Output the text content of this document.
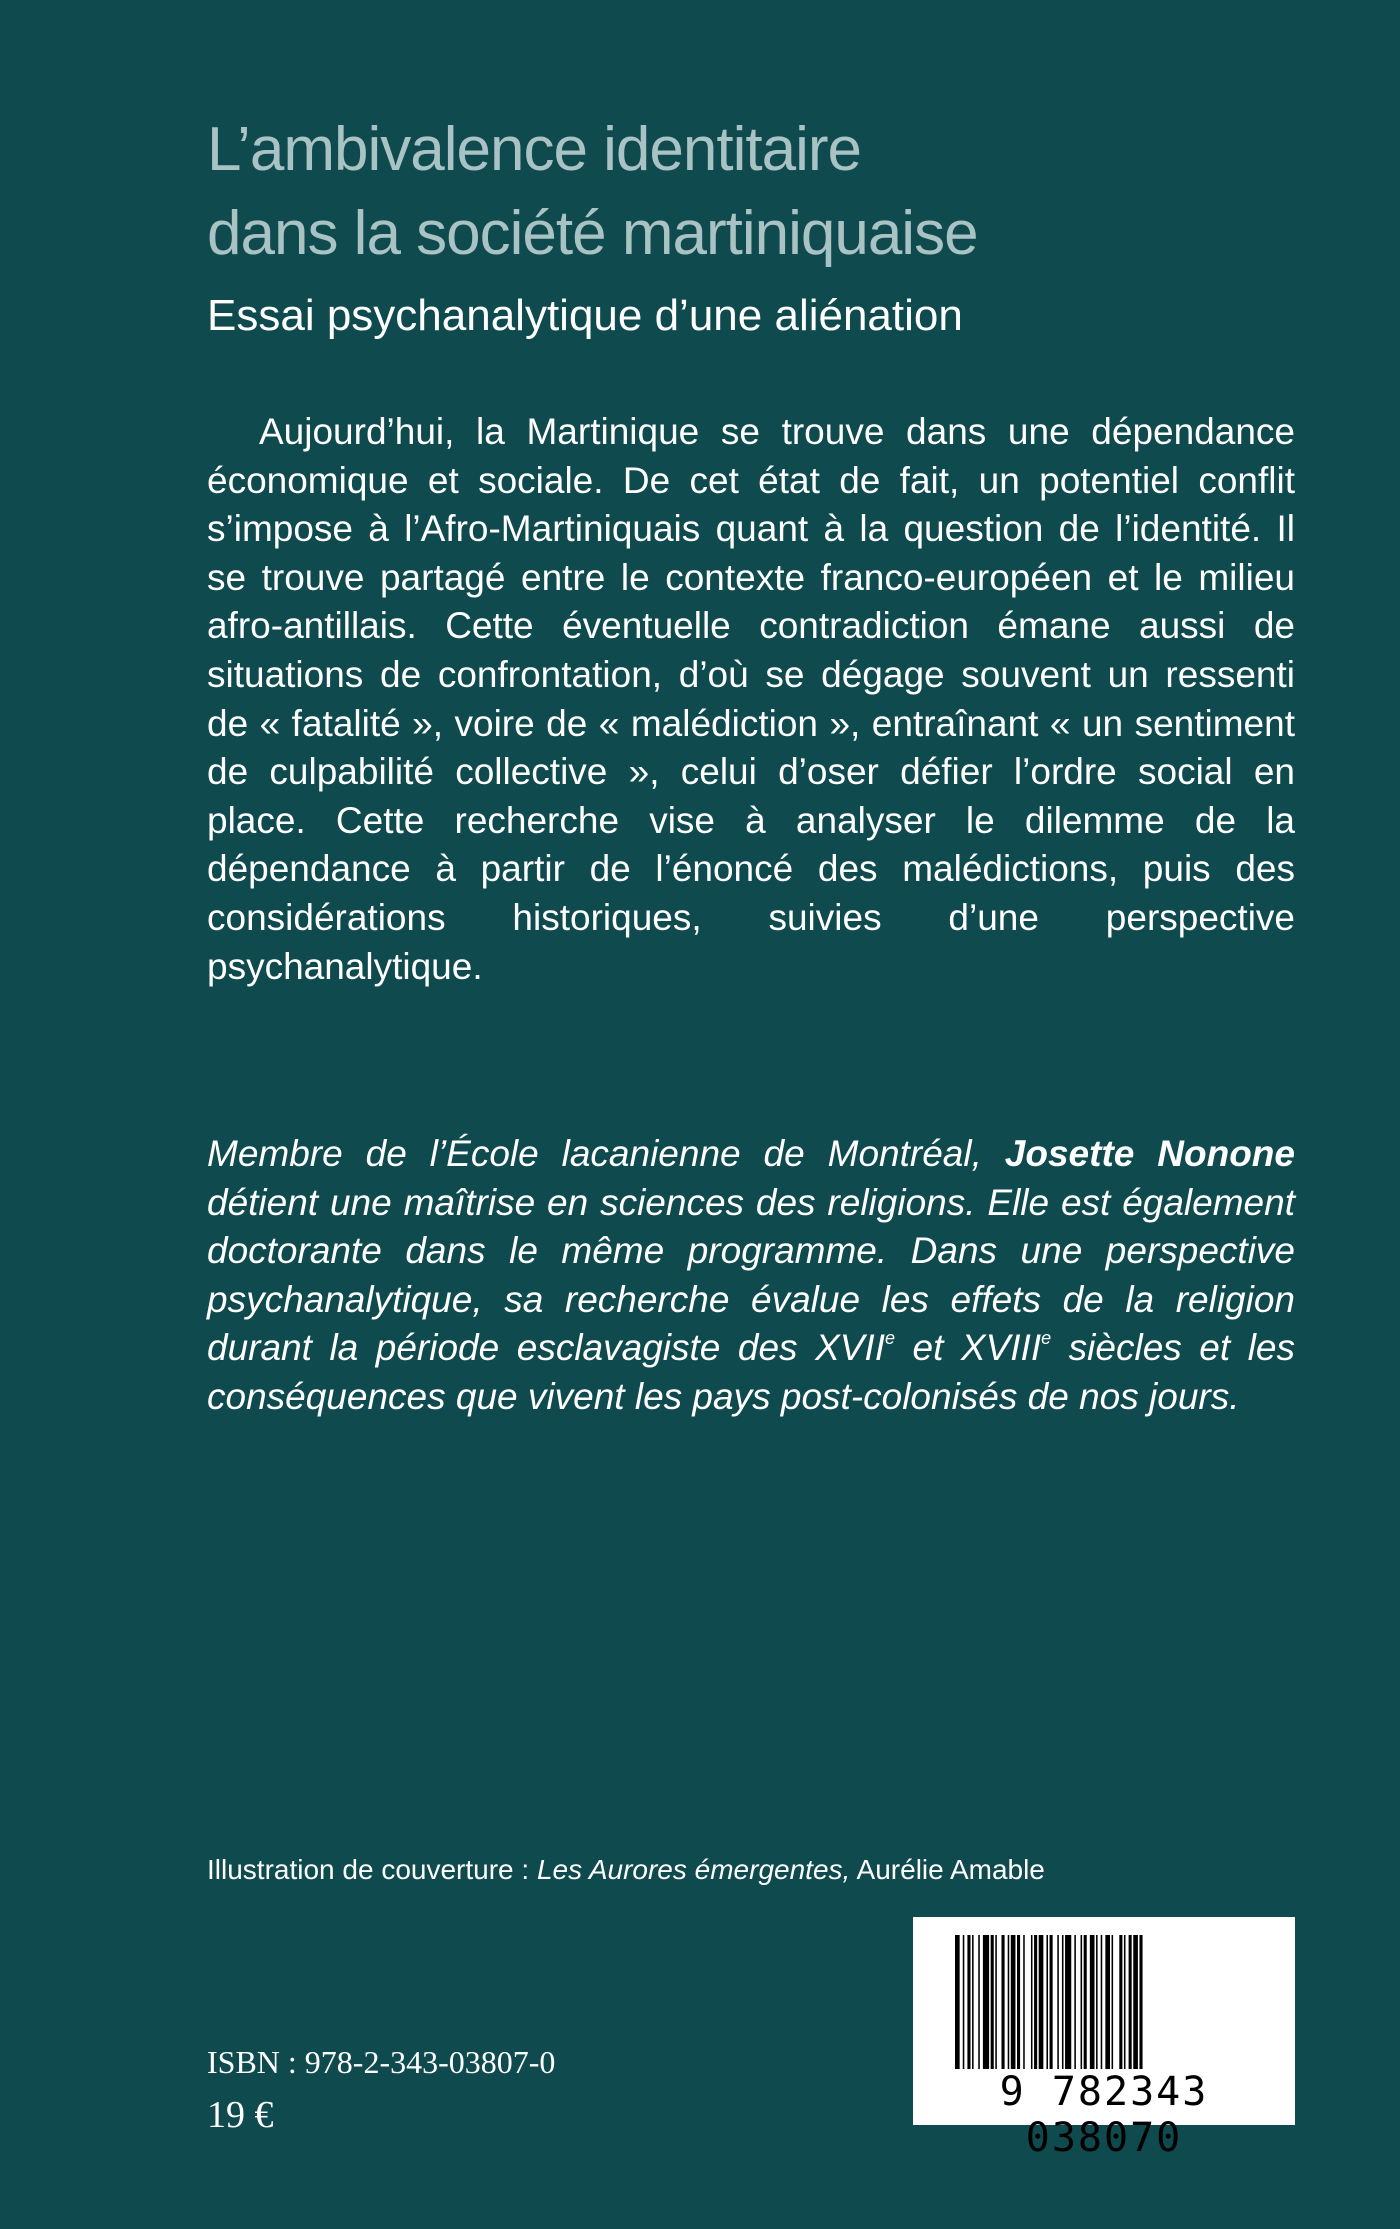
L’ambivalence identitaire
dans la société martiniquaise
Essai psychanalytique d’une aliénation

Aujourd’hui, la Martinique se trouve dans une dépendance économique et sociale. De cet état de fait, un potentiel conflit s’impose à l’Afro-Martiniquais quant à la question de l’identité. Il se trouve partagé entre le contexte franco-européen et le milieu afro-antillais. Cette éventuelle contradiction émane aussi de situations de confrontation, d’où se dégage souvent un ressenti de « fatalité », voire de « malédiction », entraînant « un sentiment de culpabilité collective », celui d’oser défier l’ordre social en place. Cette recherche vise à analyser le dilemme de la dépendance à partir de l’énoncé des malédictions, puis des considérations historiques, suivies d’une perspective psychanalytique.

Membre de l’École lacanienne de Montréal, Josette Nonone détient une maîtrise en sciences des religions. Elle est également doctorante dans le même programme. Dans une perspective psychanalytique, sa recherche évalue les effets de la religion durant la période esclavagiste des XVIIe et XVIIIe siècles et les conséquences que vivent les pays post-colonisés de nos jours.

Illustration de couverture : Les Aurores émergentes, Aurélie Amable
ISBN : 978-2-343-03807-0
19 €	9 782343 038070
